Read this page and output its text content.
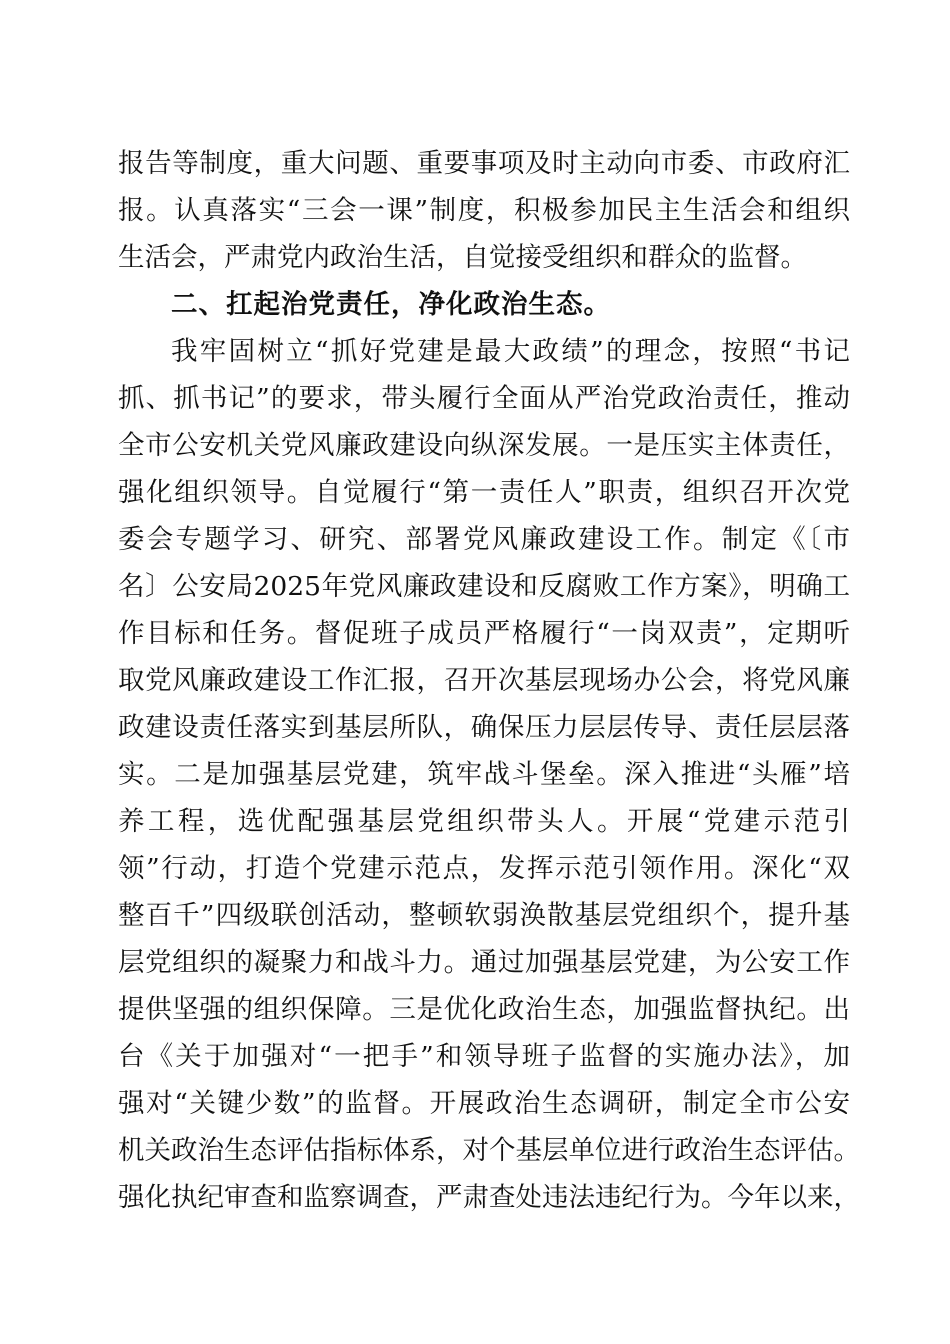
报告等制度，重大问题、重要事项及时主动向市委、市政府汇
报。认真落实“三会一课”制度，积极参加民主生活会和组织
生活会，严肃党内政治生活，自觉接受组织和群众的监督。
二、扛起治党责任，净化政治生态。
我牢固树立“抓好党建是最大政绩”的理念，按照“书记
抓、抓书记”的要求，带头履行全面从严治党政治责任，推动
全市公安机关党风廉政建设向纵深发展。一是压实主体责任，
强化组织领导。自觉履行“第一责任人”职责，组织召开次党
委会专题学习、研究、部署党风廉政建设工作。制定《〔市
名〕公安局2025年党风廉政建设和反腐败工作方案》，明确工
作目标和任务。督促班子成员严格履行“一岗双责”，定期听
取党风廉政建设工作汇报，召开次基层现场办公会，将党风廉
政建设责任落实到基层所队，确保压力层层传导、责任层层落
实。二是加强基层党建，筑牢战斗堡垒。深入推进“头雁”培
养工程，选优配强基层党组织带头人。开展“党建示范引
领”行动，打造个党建示范点，发挥示范引领作用。深化“双
整百千”四级联创活动，整顿软弱涣散基层党组织个，提升基
层党组织的凝聚力和战斗力。通过加强基层党建，为公安工作
提供坚强的组织保障。三是优化政治生态，加强监督执纪。出
台《关于加强对“一把手”和领导班子监督的实施办法》，加
强对“关键少数”的监督。开展政治生态调研，制定全市公安
机关政治生态评估指标体系，对个基层单位进行政治生态评估。
强化执纪审查和监察调查，严肃查处违法违纪行为。今年以来，
